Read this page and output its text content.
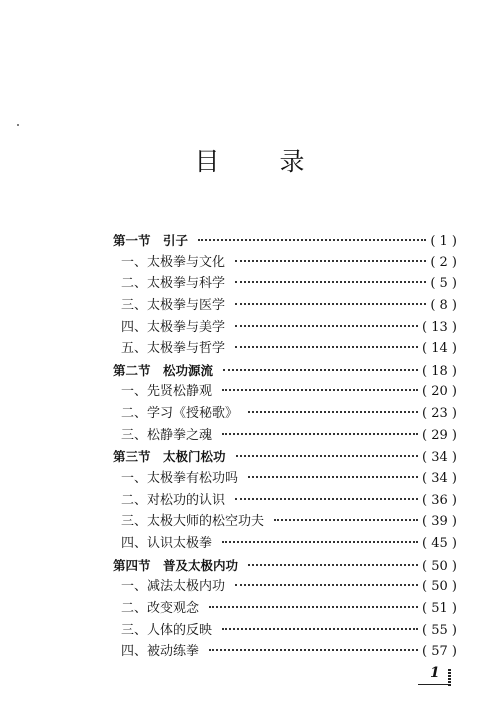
目 录
第一节　引子	( 1 )
一、太极拳与文化	( 2 )
二、太极拳与科学	( 5 )
三、太极拳与医学	( 8 )
四、太极拳与美学	( 13 )
五、太极拳与哲学	( 14 )
第二节　松功源流	( 18 )
一、先贤松静观	( 20 )
二、学习《授秘歌》	( 23 )
三、松静拳之魂	( 29 )
第三节　太极门松功	( 34 )
一、太极拳有松功吗	( 34 )
二、对松功的认识	( 36 )
三、太极大师的松空功夫	( 39 )
四、认识太极拳	( 45 )
第四节　普及太极内功	( 50 )
一、减法太极内功	( 50 )
二、改变观念	( 51 )
三、人体的反映	( 55 )
四、被动练拳	( 57 )
1
